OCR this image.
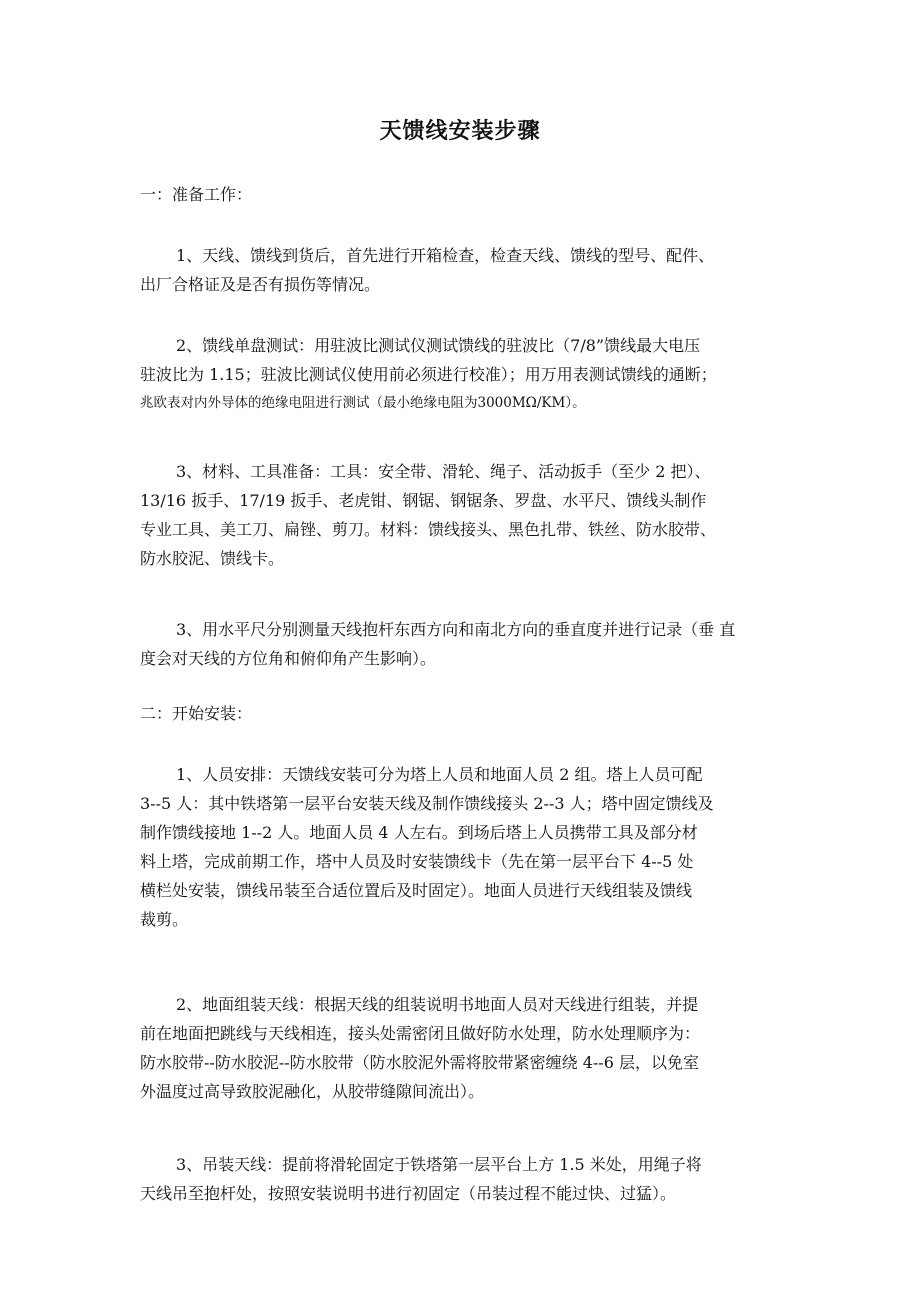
天馈线安装步骤
一：准备工作：

1、天线、馈线到货后，首先进行开箱检查，检查天线、馈线的型号、配件、

出厂合格证及是否有损伤等情况。

2、馈线单盘测试：用驻波比测试仪测试馈线的驻波比（7/8”馈线最大电压

驻波比为 1.15；驻波比测试仪使用前必须进行校准）；用万用表测试馈线的通断；

兆欧表对内外导体的绝缘电阻进行测试（最小绝缘电阻为3000MΩ/KM）。

3、材料、工具准备：工具：安全带、滑轮、绳子、活动扳手（至少 2 把）、

13/16 扳手、17/19 扳手、老虎钳、钢锯、钢锯条、罗盘、水平尺、馈线头制作

专业工具、美工刀、扁锉、剪刀。材料：馈线接头、黑色扎带、铁丝、防水胶带、

防水胶泥、馈线卡。

3、用水平尺分别测量天线抱杆东西方向和南北方向的垂直度并进行记录（垂 直

度会对天线的方位角和俯仰角产生影响）。

二：开始安装：

1、人员安排：天馈线安装可分为塔上人员和地面人员 2 组。塔上人员可配

3--5 人：其中铁塔第一层平台安装天线及制作馈线接头 2--3 人；塔中固定馈线及

制作馈线接地 1--2 人。地面人员 4 人左右。到场后塔上人员携带工具及部分材

料上塔，完成前期工作，塔中人员及时安装馈线卡（先在第一层平台下 4--5 处

横栏处安装，馈线吊装至合适位置后及时固定）。地面人员进行天线组装及馈线

裁剪。

2、地面组装天线：根据天线的组装说明书地面人员对天线进行组装，并提

前在地面把跳线与天线相连，接头处需密闭且做好防水处理，防水处理顺序为：

防水胶带--防水胶泥--防水胶带（防水胶泥外需将胶带紧密缠绕 4--6 层，以免室

外温度过高导致胶泥融化，从胶带缝隙间流出）。

3、吊装天线：提前将滑轮固定于铁塔第一层平台上方 1.5 米处，用绳子将

天线吊至抱杆处，按照安装说明书进行初固定（吊装过程不能过快、过猛）。
